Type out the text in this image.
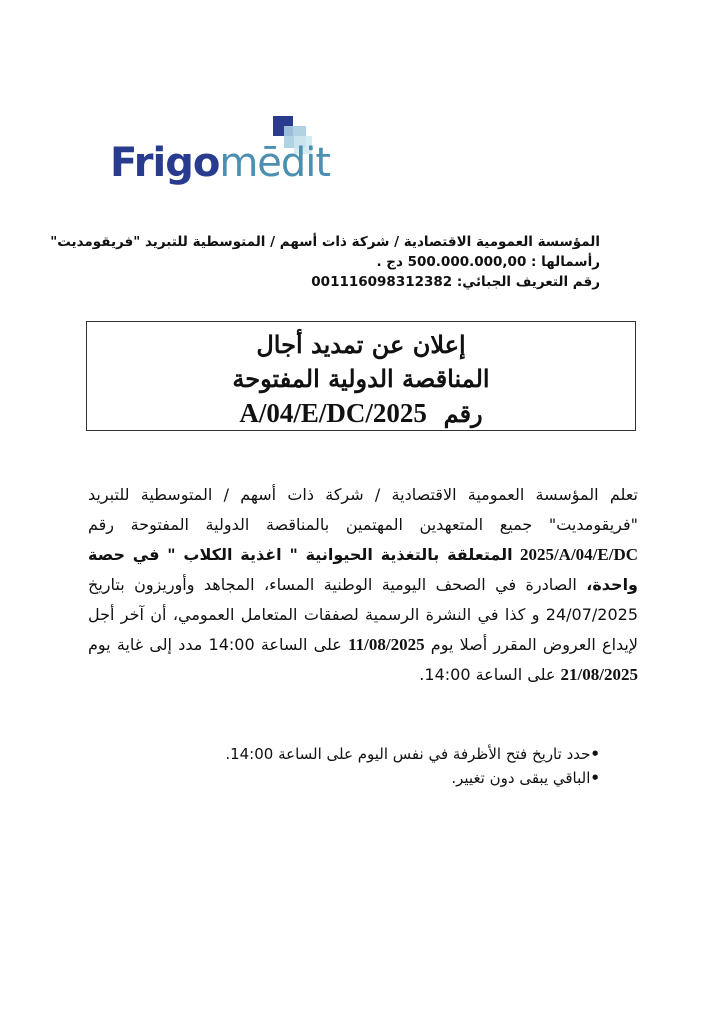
Frigomēdit
المؤسسة العمومية الاقتصادية / شركة ذات أسهم / المتوسطية للتبريد "فريقومديت"
رأسمالها : 500.000.000,00 دج .
رقم التعريف الجبائي: 001116098312382
إعلان عن تمديد أجال
المناقصة الدولية المفتوحة
رقم  A/04/E/DC/2025

تعلم المؤسسة العمومية الاقتصادية / شركة ذات أسهم / المتوسطية للتبريد "فريقومديت" جميع المتعهدين المهتمين بالمناقصة الدولية المفتوحة رقم 2025/A/04/E/DC المتعلقة بالتغذية الحيوانية " اغذية الكلاب " في حصة واحدة، الصادرة في الصحف اليومية الوطنية المساء، المجاهد وأوريزون بتاريخ 24/07/2025 و كذا في النشرة الرسمية لصفقات المتعامل العمومي، أن آخر أجل لإيداع العروض المقرر أصلا يوم 11/08/2025 على الساعة 14:00 مدد إلى غاية يوم 21/08/2025 على الساعة 14:00.

•حدد تاريخ فتح الأظرفة في نفس اليوم على الساعة 14:00.
•الباقي يبقى دون تغيير.
